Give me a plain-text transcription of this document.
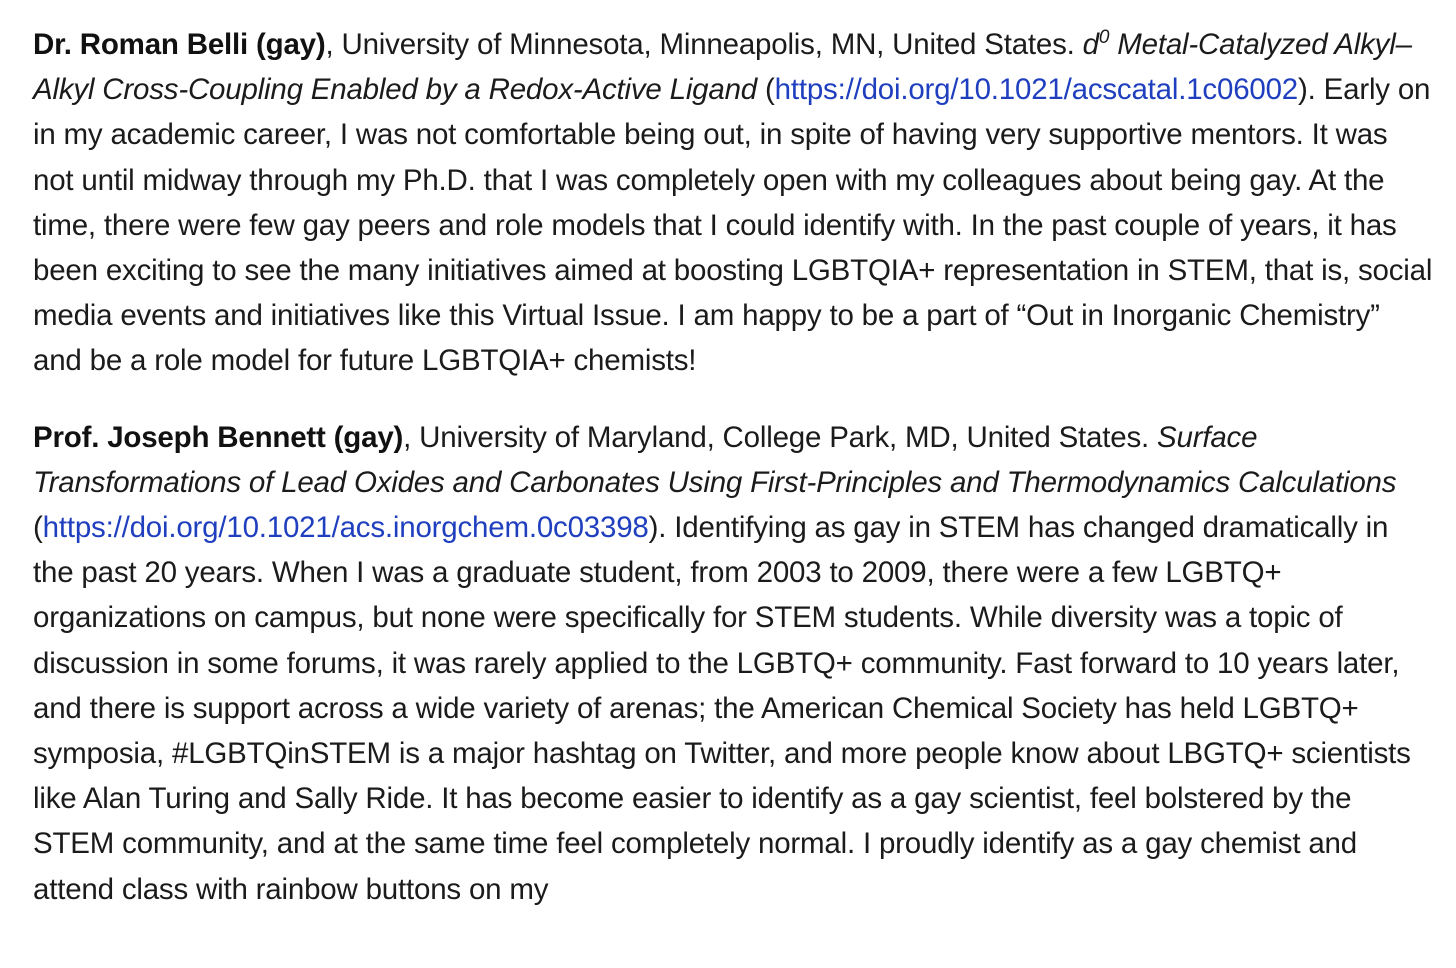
Dr. Roman Belli (gay), University of Minnesota, Minneapolis, MN, United States. $d^0$ Metal-Catalyzed Alkyl–Alkyl Cross-Coupling Enabled by a Redox-Active Ligand (https://doi.org/10.1021/acscatal.1c06002). Early on in my academic career, I was not comfortable being out, in spite of having very supportive mentors. It was not until midway through my Ph.D. that I was completely open with my colleagues about being gay. At the time, there were few gay peers and role models that I could identify with. In the past couple of years, it has been exciting to see the many initiatives aimed at boosting LGBTQIA+ representation in STEM, that is, social media events and initiatives like this Virtual Issue. I am happy to be a part of “Out in Inorganic Chemistry” and be a role model for future LGBTQIA+ chemists!

Prof. Joseph Bennett (gay), University of Maryland, College Park, MD, United States. Surface Transformations of Lead Oxides and Carbonates Using First-Principles and Thermodynamics Calculations (https://doi.org/10.1021/acs.inorgchem.0c03398). Identifying as gay in STEM has changed dramatically in the past 20 years. When I was a graduate student, from 2003 to 2009, there were a few LGBTQ+ organizations on campus, but none were specifically for STEM students. While diversity was a topic of discussion in some forums, it was rarely applied to the LGBTQ+ community. Fast forward to 10 years later, and there is support across a wide variety of arenas; the American Chemical Society has held LGBTQ+ symposia, #LGBTQinSTEM is a major hashtag on Twitter, and more people know about LBGTQ+ scientists like Alan Turing and Sally Ride. It has become easier to identify as a gay scientist, feel bolstered by the STEM community, and at the same time feel completely normal. I proudly identify as a gay chemist and attend class with rainbow buttons on my
